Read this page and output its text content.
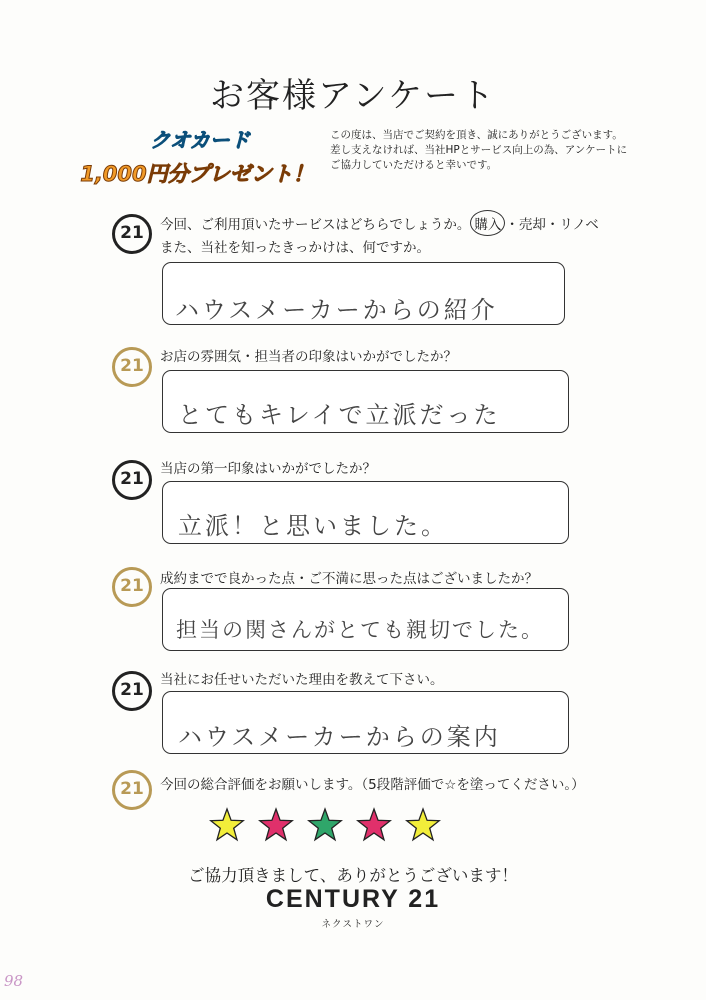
お客様アンケート
クオカード
1,000円分プレゼント！
この度は、当店でご契約を頂き、誠にありがとうございます。
差し支えなければ、当社HPとサービス向上の為、アンケートに
ご協力していただけると幸いです。
21	今回、ご利用頂いたサービスはどちらでしょうか。 購入 ・売却・リノベ
また、当社を知ったきっかけは、何ですか。
ハウスメーカーからの紹介
21	お店の雰囲気・担当者の印象はいかがでしたか？
とてもキレイで立派だった
21	当店の第一印象はいかがでしたか？
立派！と思いました。
21	成約までで良かった点・ご不満に思った点はございましたか？
担当の関さんがとても親切でした。
21	当社にお任せいただいた理由を教えて下さい。
ハウスメーカーからの案内
21	今回の総合評価をお願いします。（5段階評価で☆を塗ってください。）
ご協力頂きまして、ありがとうございます！
CENTURY 21
ネクストワン
98
